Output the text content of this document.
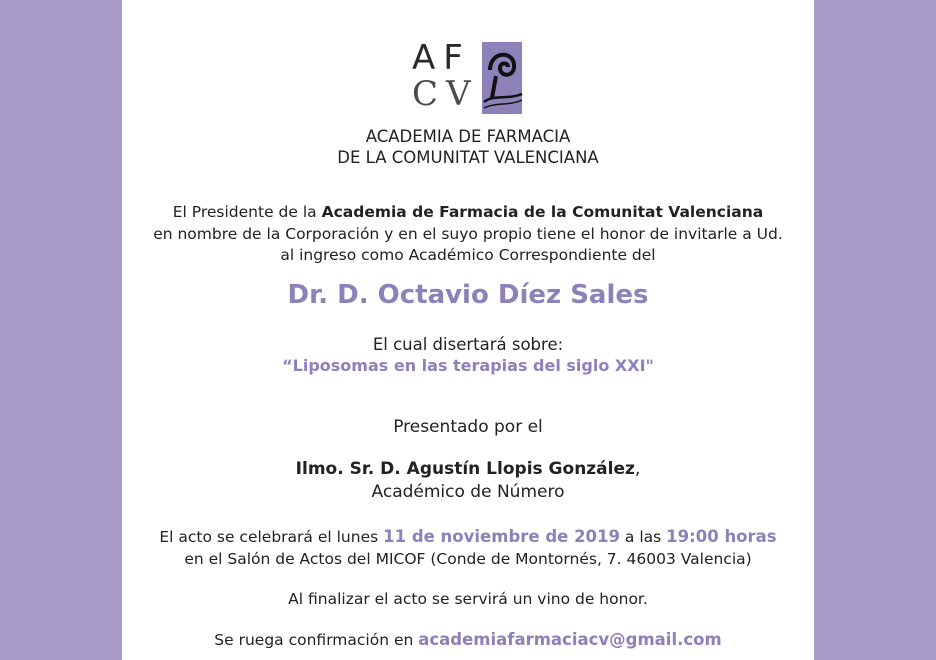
AF
CV
ACADEMIA DE FARMACIA
DE LA COMUNITAT VALENCIANA
El Presidente de la Academia de Farmacia de la Comunitat Valenciana
en nombre de la Corporación y en el suyo propio tiene el honor de invitarle a Ud.
al ingreso como Académico Correspondiente del
Dr. D. Octavio Díez Sales
El cual disertará sobre:
“Liposomas en las terapias del siglo XXI"
Presentado por el
Ilmo. Sr. D. Agustín Llopis González,
Académico de Número
El acto se celebrará el lunes 11 de noviembre de 2019 a las 19:00 horas
en el Salón de Actos del MICOF (Conde de Montornés, 7. 46003 Valencia)
Al finalizar el acto se servirá un vino de honor.
Se ruega confirmación en academiafarmaciacv@gmail.com
